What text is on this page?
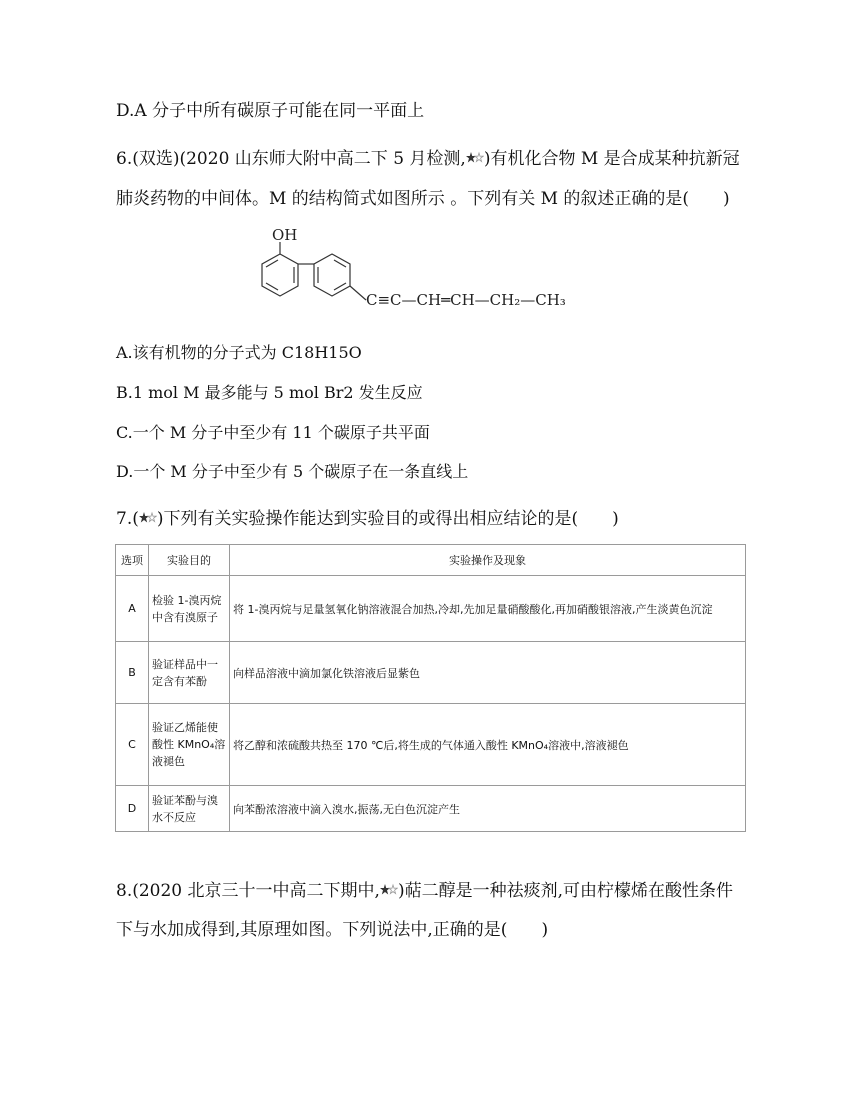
D.A 分子中所有碳原子可能在同一平面上
6.(双选)(2020 山东师大附中高二下 5 月检测, )有机化合物 M 是合成某种抗新冠
肺炎药物的中间体。M 的结构简式如图所示 。下列有关 M 的叙述正确的是(　　)
OH
C≡C—CH═CH—CH₂—CH₃
A.该有机物的分子式为 C18H15O
B.1 mol M 最多能与 5 mol Br2 发生反应
C.一个 M 分子中至少有 11 个碳原子共平面
D.一个 M 分子中至少有 5 个碳原子在一条直线上
7.( )下列有关实验操作能达到实验目的或得出相应结论的是(　　)
选项	实验目的	实验操作及现象
A	检验 1-溴丙烷中含有溴原子	将 1-溴丙烷与足量氢氧化钠溶液混合加热,冷却,先加足量硝酸酸化,再加硝酸银溶液,产生淡黄色沉淀
B	验证样品中一定含有苯酚	向样品溶液中滴加氯化铁溶液后显紫色
C	验证乙烯能使酸性 KMnO₄溶液褪色	将乙醇和浓硫酸共热至 170 ℃后,将生成的气体通入酸性 KMnO₄溶液中,溶液褪色
D	验证苯酚与溴水不反应	向苯酚浓溶液中滴入溴水,振荡,无白色沉淀产生
8.(2020 北京三十一中高二下期中, )萜二醇是一种祛痰剂,可由柠檬烯在酸性条件
下与水加成得到,其原理如图。下列说法中,正确的是(　　)
